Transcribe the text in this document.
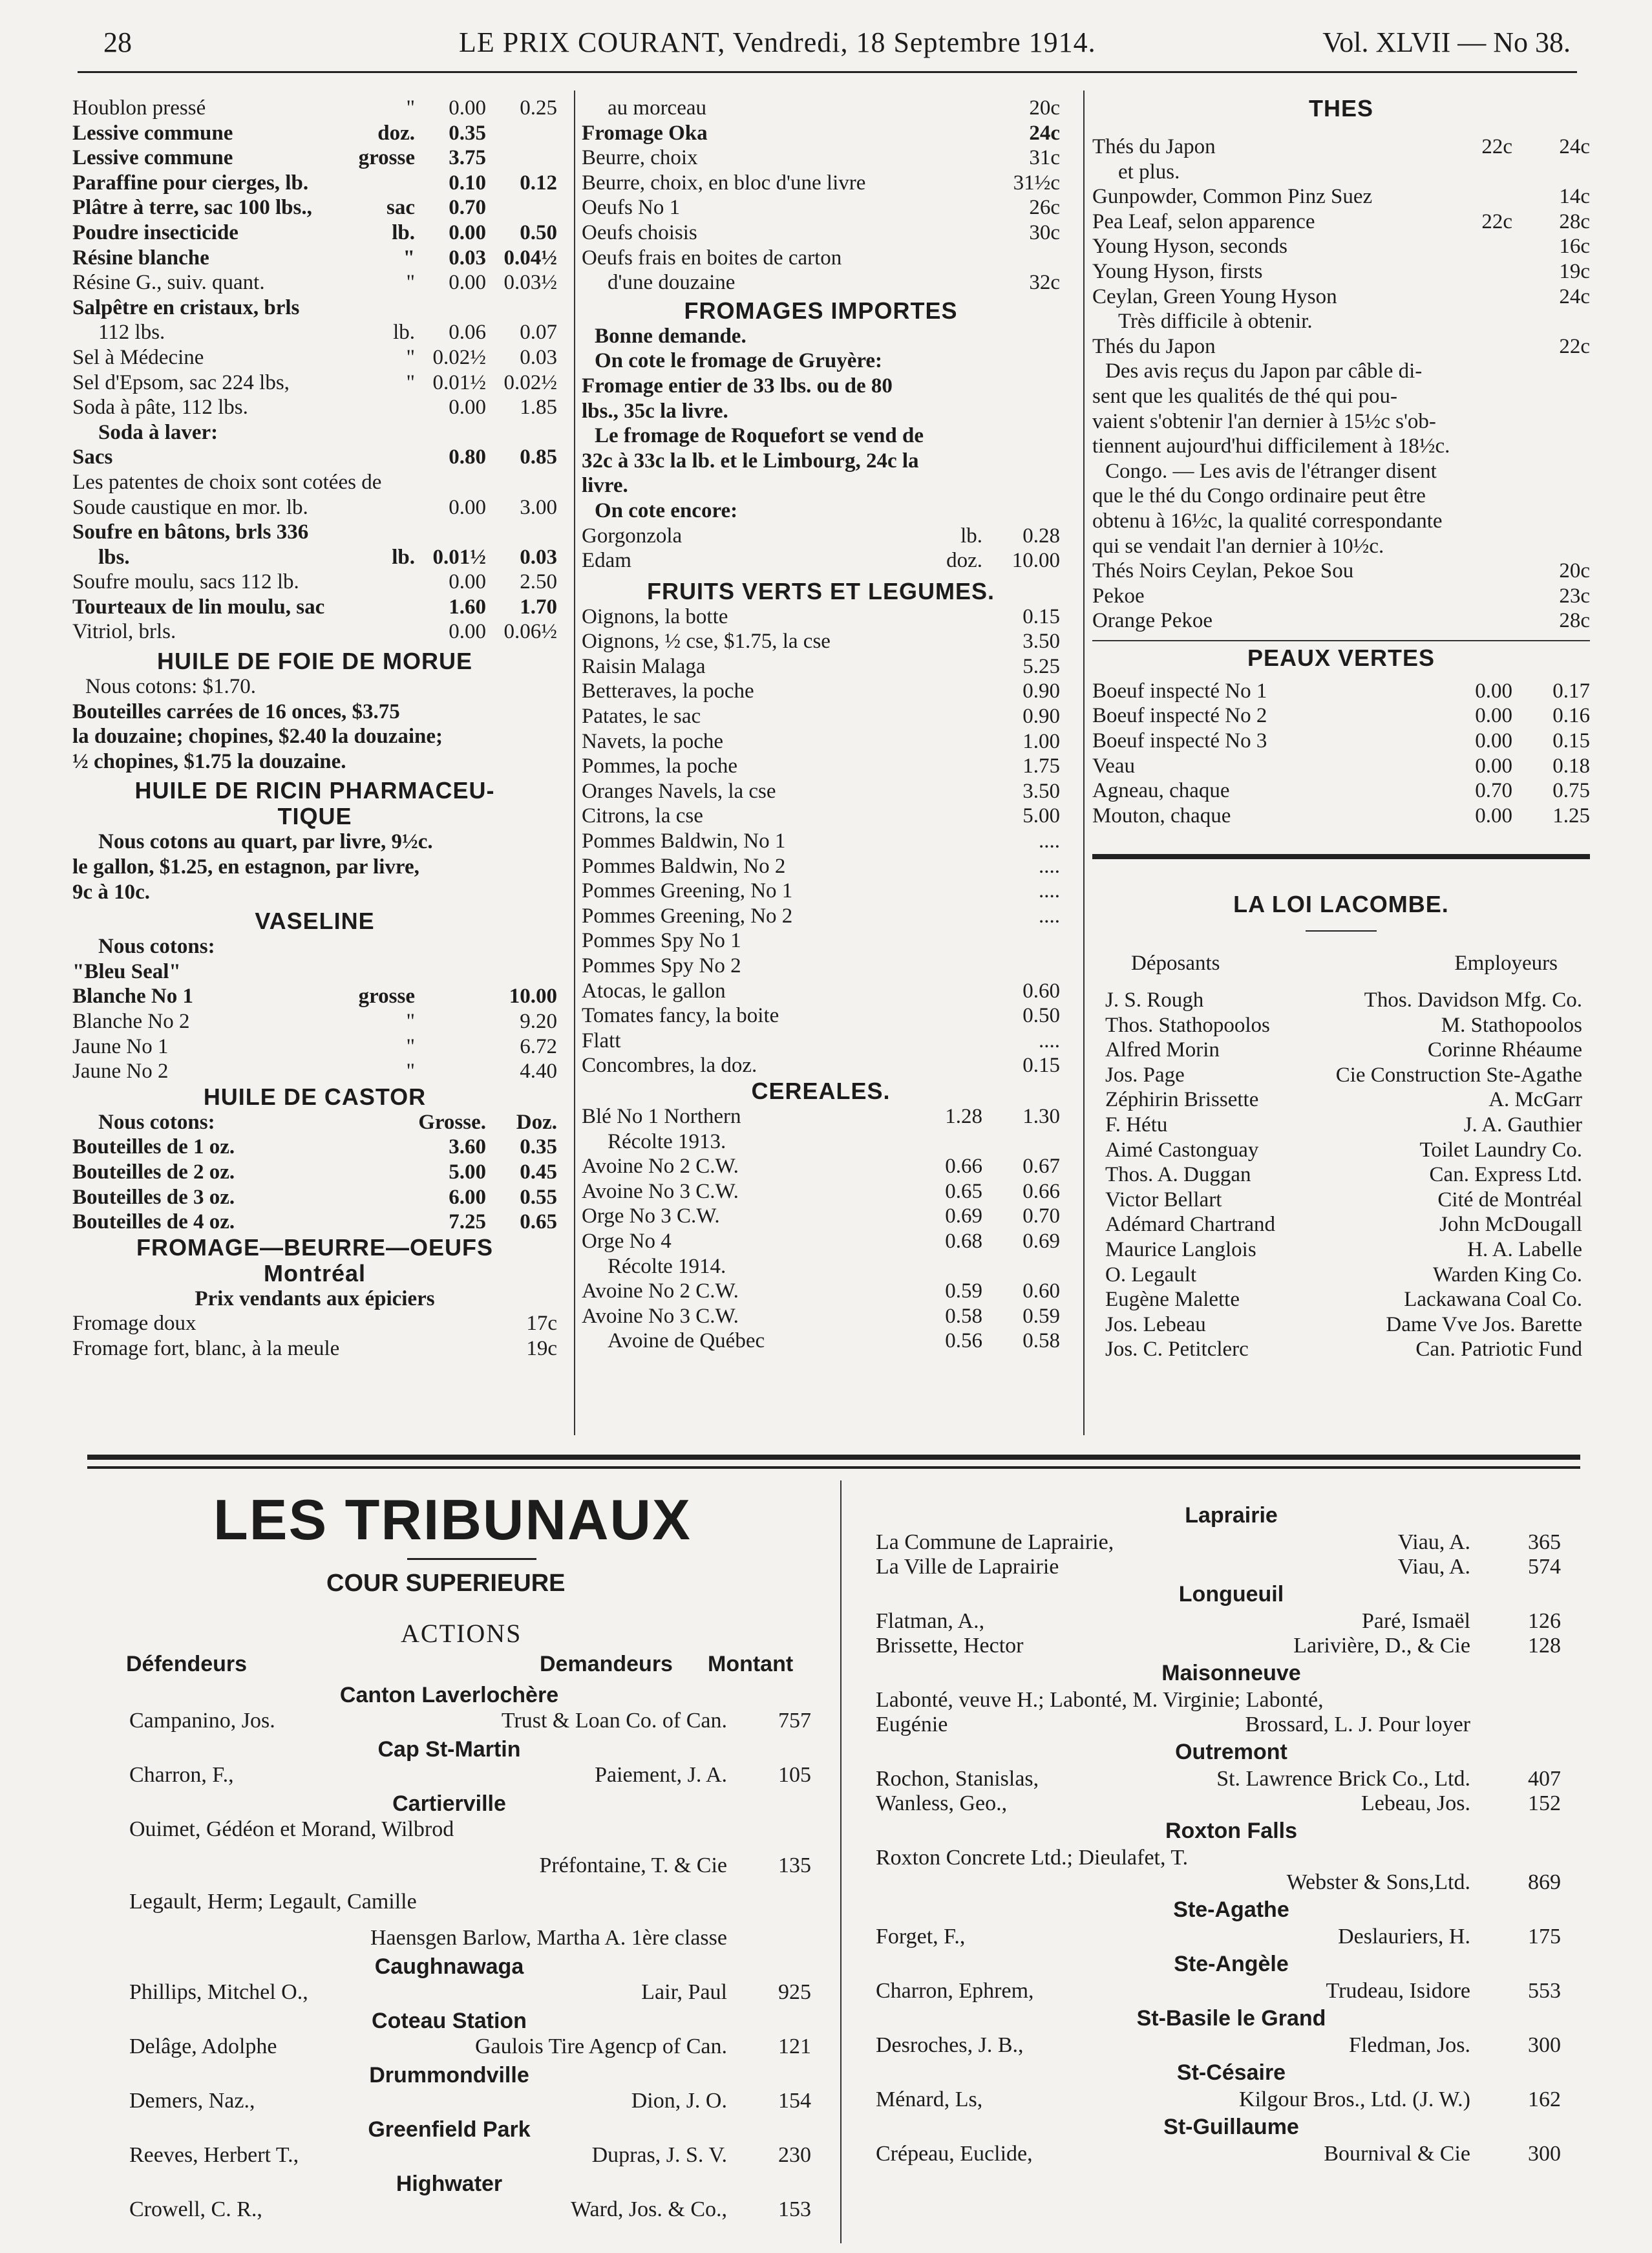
28	LE PRIX COURANT, Vendredi, 18 Septembre 1914.	Vol. XLVII — No 38.
Houblon pressé	" 0.00 0.25
Lessive commune	doz. 0.35
Lessive commune	grosse 3.75
Paraffine pour cierges, lb.	0.10 0.12
Plâtre à terre, sac 100 lbs.,	sac 0.70
Poudre insecticide	lb. 0.00 0.50
Résine blanche	" 0.03 0.04½
Résine G., suiv. quant.	" 0.00 0.03½
Salpêtre en cristaux, brls
112 lbs.	lb. 0.06 0.07
Sel à Médecine	" 0.02½ 0.03
Sel d'Epsom, sac 224 lbs,	" 0.01½ 0.02½
Soda à pâte, 112 lbs.	0.00 1.85
Soda à laver:
Sacs	0.80 0.85
Les patentes de choix sont cotées de
Soude caustique en mor. lb.	0.00 3.00
Soufre en bâtons, brls 336
lbs.	lb. 0.01½ 0.03
Soufre moulu, sacs 112 lb.	0.00 2.50
Tourteaux de lin moulu, sac	1.60 1.70
Vitriol, brls.	0.00 0.06½
HUILE DE FOIE DE MORUE
Nous cotons: $1.70.
Bouteilles carrées de 16 onces, $3.75
la douzaine; chopines, $2.40 la douzaine;
½ chopines, $1.75 la douzaine.
HUILE DE RICIN PHARMACEU-
TIQUE
Nous cotons au quart, par livre, 9½c.
le gallon, $1.25, en estagnon, par livre,
9c à 10c.
VASELINE
Nous cotons:
"Bleu Seal"
Blanche No 1	grosse	10.00
Blanche No 2	"	9.20
Jaune No 1	"	6.72
Jaune No 2	"	4.40
HUILE DE CASTOR
Nous cotons:	Grosse. Doz.
Bouteilles de 1 oz.	3.60 0.35
Bouteilles de 2 oz.	5.00 0.45
Bouteilles de 3 oz.	6.00 0.55
Bouteilles de 4 oz.	7.25 0.65
FROMAGE—BEURRE—OEUFS
Montréal
Prix vendants aux épiciers
Fromage doux	17c
Fromage fort, blanc, à la meule	19c
au morceau	20c
Fromage Oka	24c
Beurre, choix	31c
Beurre, choix, en bloc d'une livre	31½c
Oeufs No 1	26c
Oeufs choisis	30c
Oeufs frais en boites de carton
d'une douzaine	32c
FROMAGES IMPORTES
Bonne demande.
On cote le fromage de Gruyère:
Fromage entier de 33 lbs. ou de 80
lbs., 35c la livre.
Le fromage de Roquefort se vend de
32c à 33c la lb. et le Limbourg, 24c la
livre.
On cote encore:
Gorgonzola	lb. 0.28
Edam	doz. 10.00
FRUITS VERTS ET LEGUMES.
Oignons, la botte	0.15
Oignons, ½ cse, $1.75, la cse	3.50
Raisin Malaga	5.25
Betteraves, la poche	0.90
Patates, le sac	0.90
Navets, la poche	1.00
Pommes, la poche	1.75
Oranges Navels, la cse	3.50
Citrons, la cse	5.00
Pommes Baldwin, No 1	....
Pommes Baldwin, No 2	....
Pommes Greening, No 1	....
Pommes Greening, No 2	....
Pommes Spy No 1
Pommes Spy No 2
Atocas, le gallon	0.60
Tomates fancy, la boite	0.50
Flatt	....
Concombres, la doz.	0.15
CEREALES.
Blé No 1 Northern	1.28 1.30
Récolte 1913.
Avoine No 2 C.W.	0.66 0.67
Avoine No 3 C.W.	0.65 0.66
Orge No 3 C.W.	0.69 0.70
Orge No 4	0.68 0.69
Récolte 1914.
Avoine No 2 C.W.	0.59 0.60
Avoine No 3 C.W.	0.58 0.59
Avoine de Québec	0.56 0.58
THES
Thés du Japon	22c 24c
et plus.
Gunpowder, Common Pinz Suez	14c
Pea Leaf, selon apparence	22c 28c
Young Hyson, seconds	16c
Young Hyson, firsts	19c
Ceylan, Green Young Hyson	24c
Très difficile à obtenir.
Thés du Japon	22c
Des avis reçus du Japon par câble di-
sent que les qualités de thé qui pou-
vaient s'obtenir l'an dernier à 15½c s'ob-
tiennent aujourd'hui difficilement à 18½c.
Congo. — Les avis de l'étranger disent
que le thé du Congo ordinaire peut être
obtenu à 16½c, la qualité correspondante
qui se vendait l'an dernier à 10½c.
Thés Noirs Ceylan, Pekoe Sou	20c
Pekoe	23c
Orange Pekoe	28c
PEAUX VERTES
Boeuf inspecté No 1	0.00 0.17
Boeuf inspecté No 2	0.00 0.16
Boeuf inspecté No 3	0.00 0.15
Veau	0.00 0.18
Agneau, chaque	0.70 0.75
Mouton, chaque	0.00 1.25
LA LOI LACOMBE.
Déposants	Employeurs
J. S. Rough	Thos. Davidson Mfg. Co.
Thos. Stathopoolos	M. Stathopoolos
Alfred Morin	Corinne Rhéaume
Jos. Page	Cie Construction Ste-Agathe
Zéphirin Brissette	A. McGarr
F. Hétu	J. A. Gauthier
Aimé Castonguay	Toilet Laundry Co.
Thos. A. Duggan	Can. Express Ltd.
Victor Bellart	Cité de Montréal
Adémard Chartrand	John McDougall
Maurice Langlois	H. A. Labelle
O. Legault	Warden King Co.
Eugène Malette	Lackawana Coal Co.
Jos. Lebeau	Dame Vve Jos. Barette
Jos. C. Petitclerc	Can. Patriotic Fund
LES TRIBUNAUX
COUR SUPERIEURE
ACTIONS
Défendeurs	Demandeurs Montant
Canton Laverlochère
Campanino, Jos.	Trust & Loan Co. of Can. 757
Cap St-Martin
Charron, F.,	Paiement, J. A. 105
Cartierville
Ouimet, Gédéon et Morand, Wilbrod
Préfontaine, T. & Cie 135
Legault, Herm; Legault, Camille
Haensgen Barlow, Martha A. 1ère classe
Caughnawaga
Phillips, Mitchel O.,	Lair, Paul 925
Coteau Station
Delâge, Adolphe	Gaulois Tire Agencp of Can. 121
Drummondville
Demers, Naz.,	Dion, J. O. 154
Greenfield Park
Reeves, Herbert T.,	Dupras, J. S. V. 230
Highwater
Crowell, C. R.,	Ward, Jos. & Co., 153
Laprairie
La Commune de Laprairie,	Viau, A.	365
La Ville de Laprairie	Viau, A.	574
Longueuil
Flatman, A.,	Paré, Ismaël	126
Brissette, Hector	Larivière, D., & Cie	128
Maisonneuve
Labonté, veuve H.; Labonté, M. Virginie; Labonté,
Eugénie	Brossard, L. J. Pour loyer
Outremont
Rochon, Stanislas,	St. Lawrence Brick Co., Ltd.	407
Wanless, Geo.,	Lebeau, Jos.	152
Roxton Falls
Roxton Concrete Ltd.; Dieulafet, T.
Webster & Sons,Ltd.	869
Ste-Agathe
Forget, F.,	Deslauriers, H.	175
Ste-Angèle
Charron, Ephrem,	Trudeau, Isidore	553
St-Basile le Grand
Desroches, J. B.,	Fledman, Jos.	300
St-Césaire
Ménard, Ls,	Kilgour Bros., Ltd. (J. W.)	162
St-Guillaume
Crépeau, Euclide,	Bournival & Cie	300
